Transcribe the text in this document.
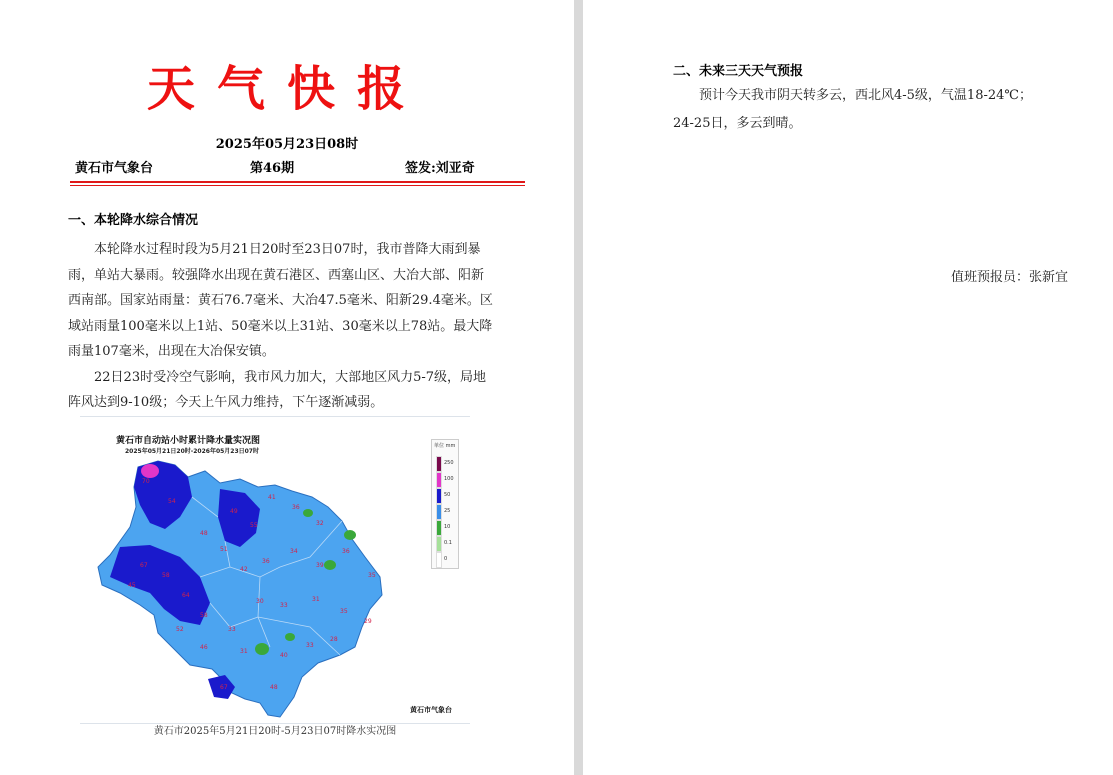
天气快报
2025年05月23日08时
黄石市气象台	第46期	签发:刘亚奇
一、本轮降水综合情况

本轮降水过程时段为5月21日20时至23日07时，我市普降大雨到暴雨，单站大暴雨。较强降水出现在黄石港区、西塞山区、大冶大部、阳新西南部。国家站雨量：黄石76.7毫米、大冶47.5毫米、阳新29.4毫米。区域站雨量100毫米以上1站、50毫米以上31站、30毫米以上78站。最大降雨量107毫米，出现在大冶保安镇。

22日23时受冷空气影响，我市风力加大，大部地区风力5-7级，局地阵风达到9-10级；今天上午风力维持，下午逐渐减弱。

70
54
49
55
41
36
32
48
51
67
58
64
45
42
36
34
39
36
35
58
33
30
33
31
35
29
31
40
33
28
67	48
46
52
黄石市自动站小时累计降水量实况图
2025年05月21日20时-2026年05月23日07时
单位 mm
250
100
50
25
10
0.1
0
黄石市气象台
黄石市2025年5月21日20时-5月23日07时降水实况图
二、未来三天天气预报

预计今天我市阴天转多云，西北风4-5级，气温18-24℃；

24-25日，多云到晴。

值班预报员：张新宜
